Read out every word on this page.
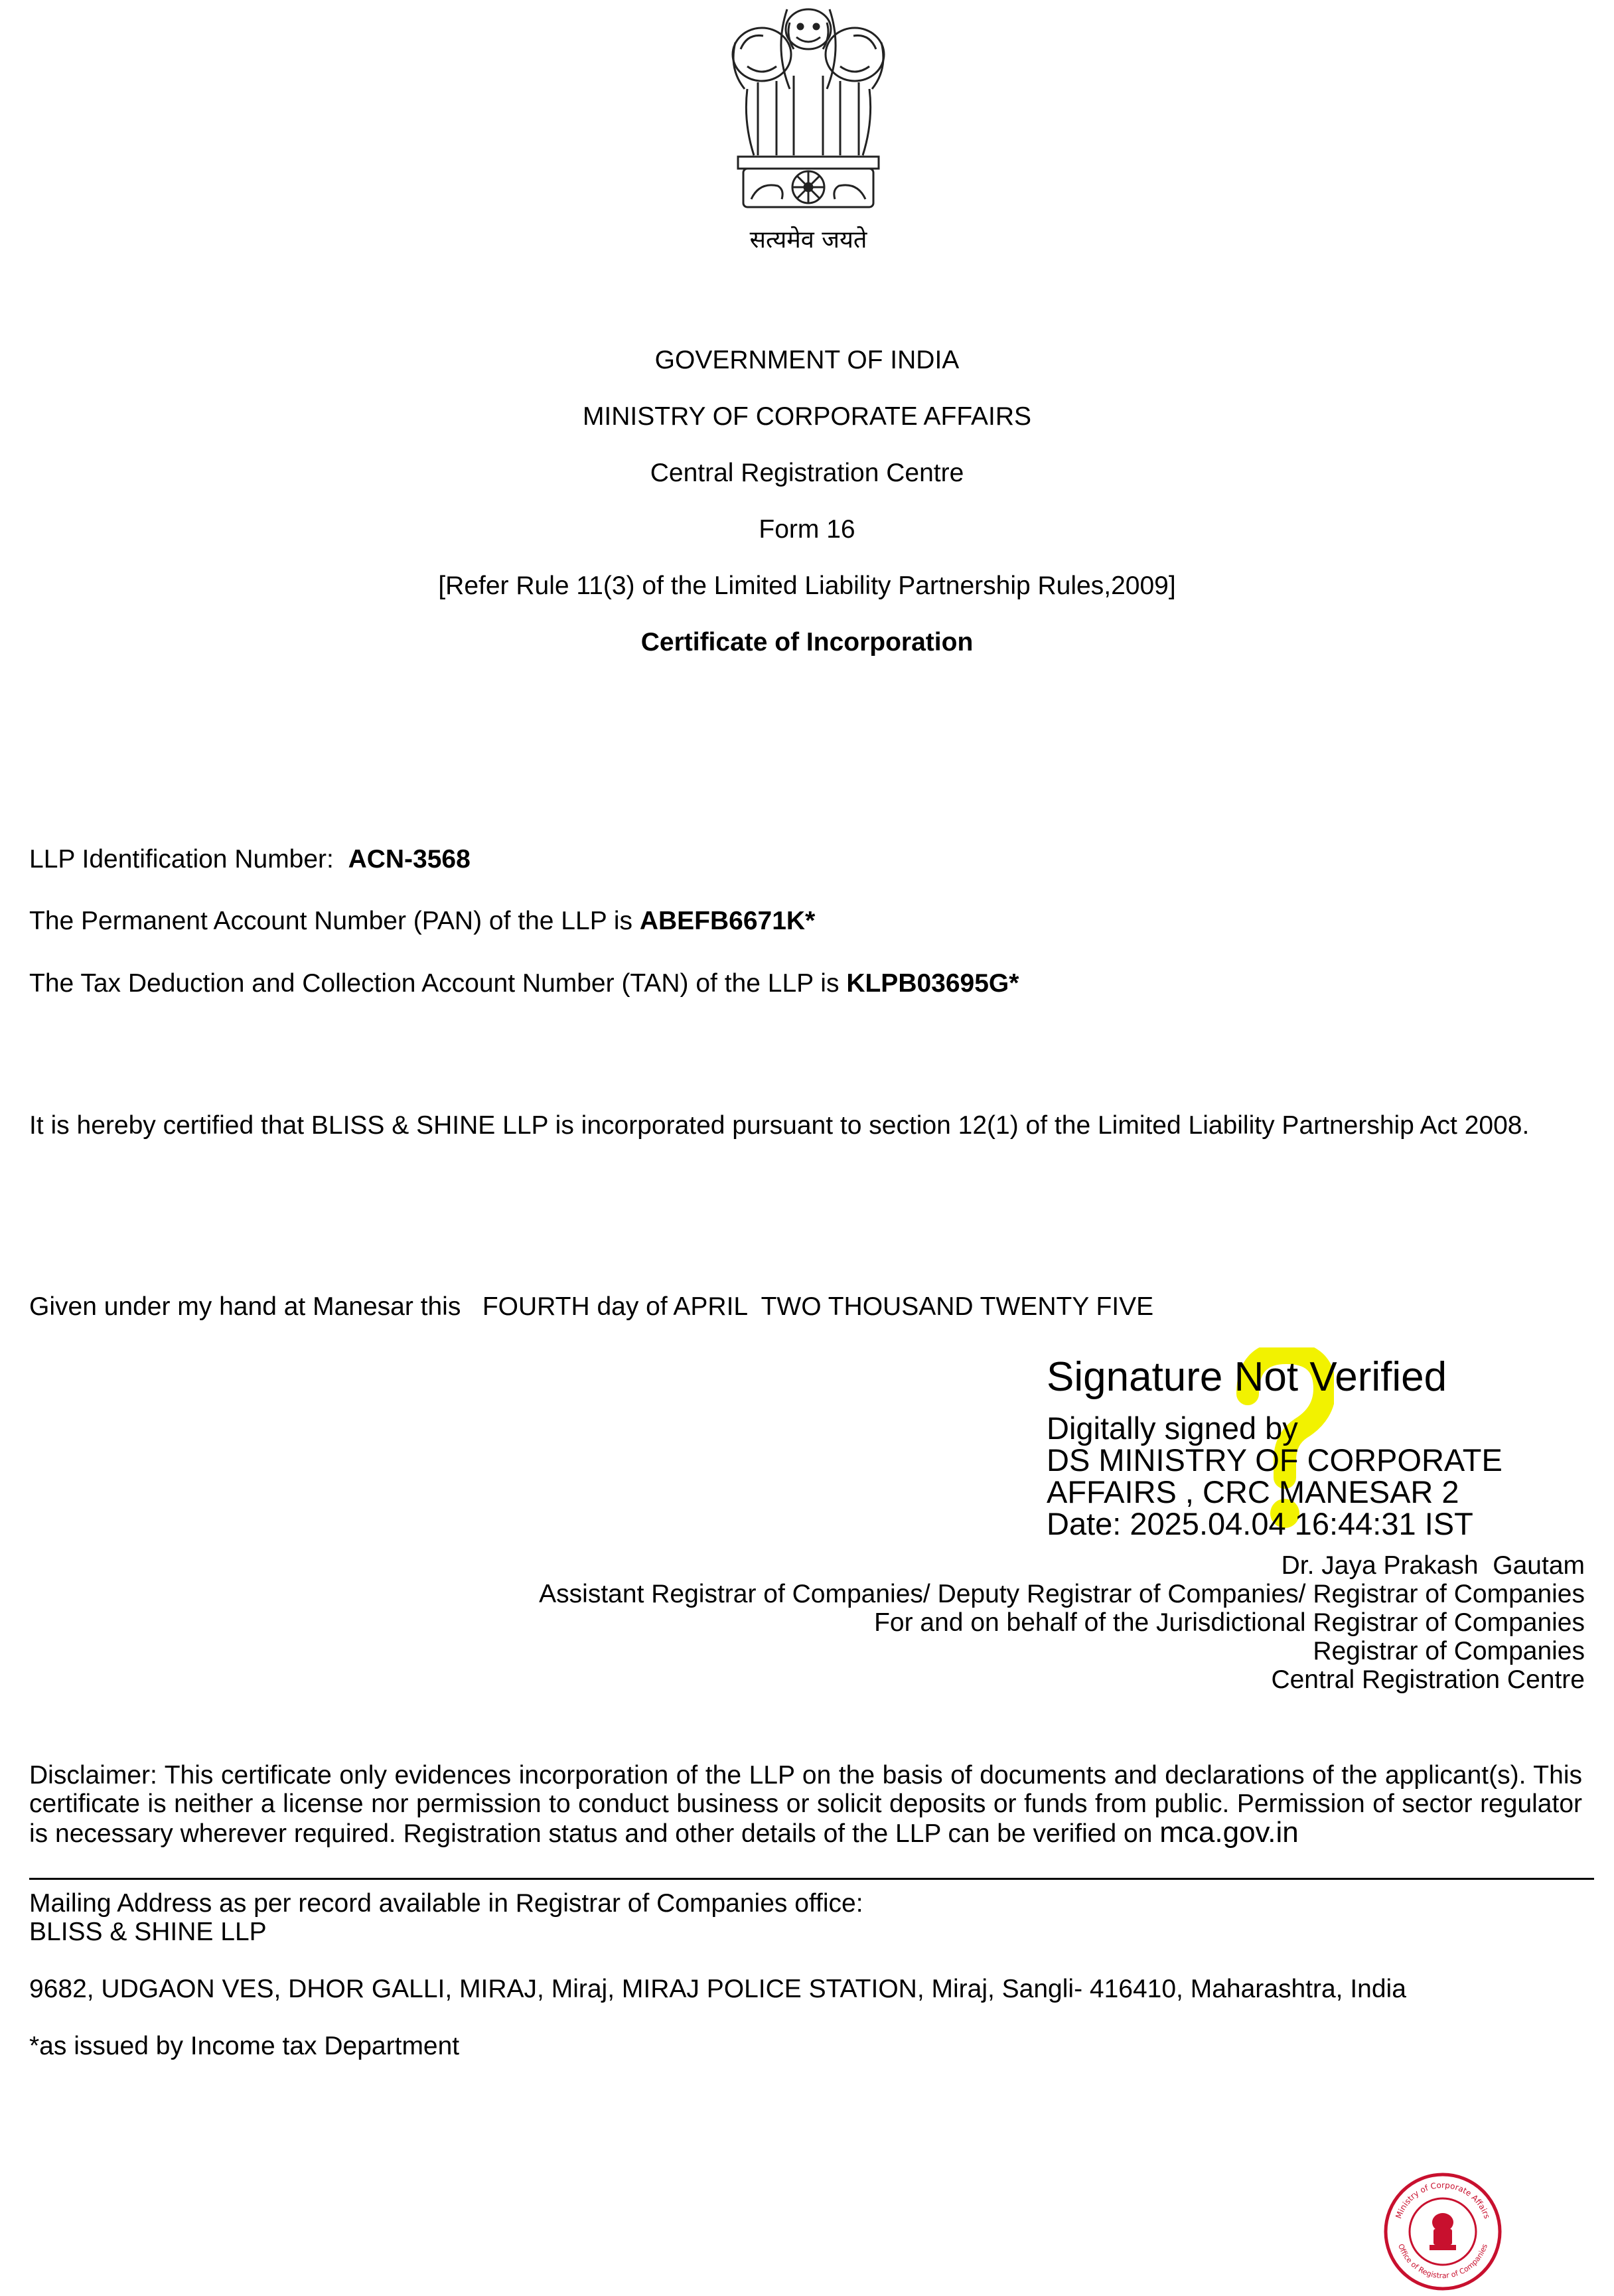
सत्यमेव जयते
GOVERNMENT OF INDIA
MINISTRY OF CORPORATE AFFAIRS
Central Registration Centre
Form 16
[Refer Rule 11(3) of the Limited Liability Partnership Rules,2009]
Certificate of Incorporation
LLP Identification Number: ACN-3568
The Permanent Account Number (PAN) of the LLP is ABEFB6671K*
The Tax Deduction and Collection Account Number (TAN) of the LLP is KLPB03695G*
It is hereby certified that BLISS & SHINE LLP is incorporated pursuant to section 12(1) of the Limited Liability Partnership Act 2008.
Given under my hand at Manesar this   FOURTH day of APRIL  TWO THOUSAND TWENTY FIVE
Signature Not Verified
Digitally signed by
DS MINISTRY OF CORPORATE
AFFAIRS , CRC MANESAR 2
Date: 2025.04.04 16:44:31 IST
Dr. Jaya Prakash  Gautam
Assistant Registrar of Companies/ Deputy Registrar of Companies/ Registrar of Companies
For and on behalf of the Jurisdictional Registrar of Companies
Registrar of Companies
Central Registration Centre
Disclaimer: This certificate only evidences incorporation of the LLP on the basis of documents and declarations of the applicant(s). This certificate is neither a license nor permission to conduct business or solicit deposits or funds from public. Permission of sector regulator is necessary wherever required. Registration status and other details of the LLP can be verified on mca.gov.in
Mailing Address as per record available in Registrar of Companies office:
BLISS & SHINE LLP
9682, UDGAON VES, DHOR GALLI, MIRAJ, Miraj, MIRAJ POLICE STATION, Miraj, Sangli- 416410, Maharashtra, India
*as issued by Income tax Department
Ministry of Corporate Affairs
Office of Registrar of Companies
